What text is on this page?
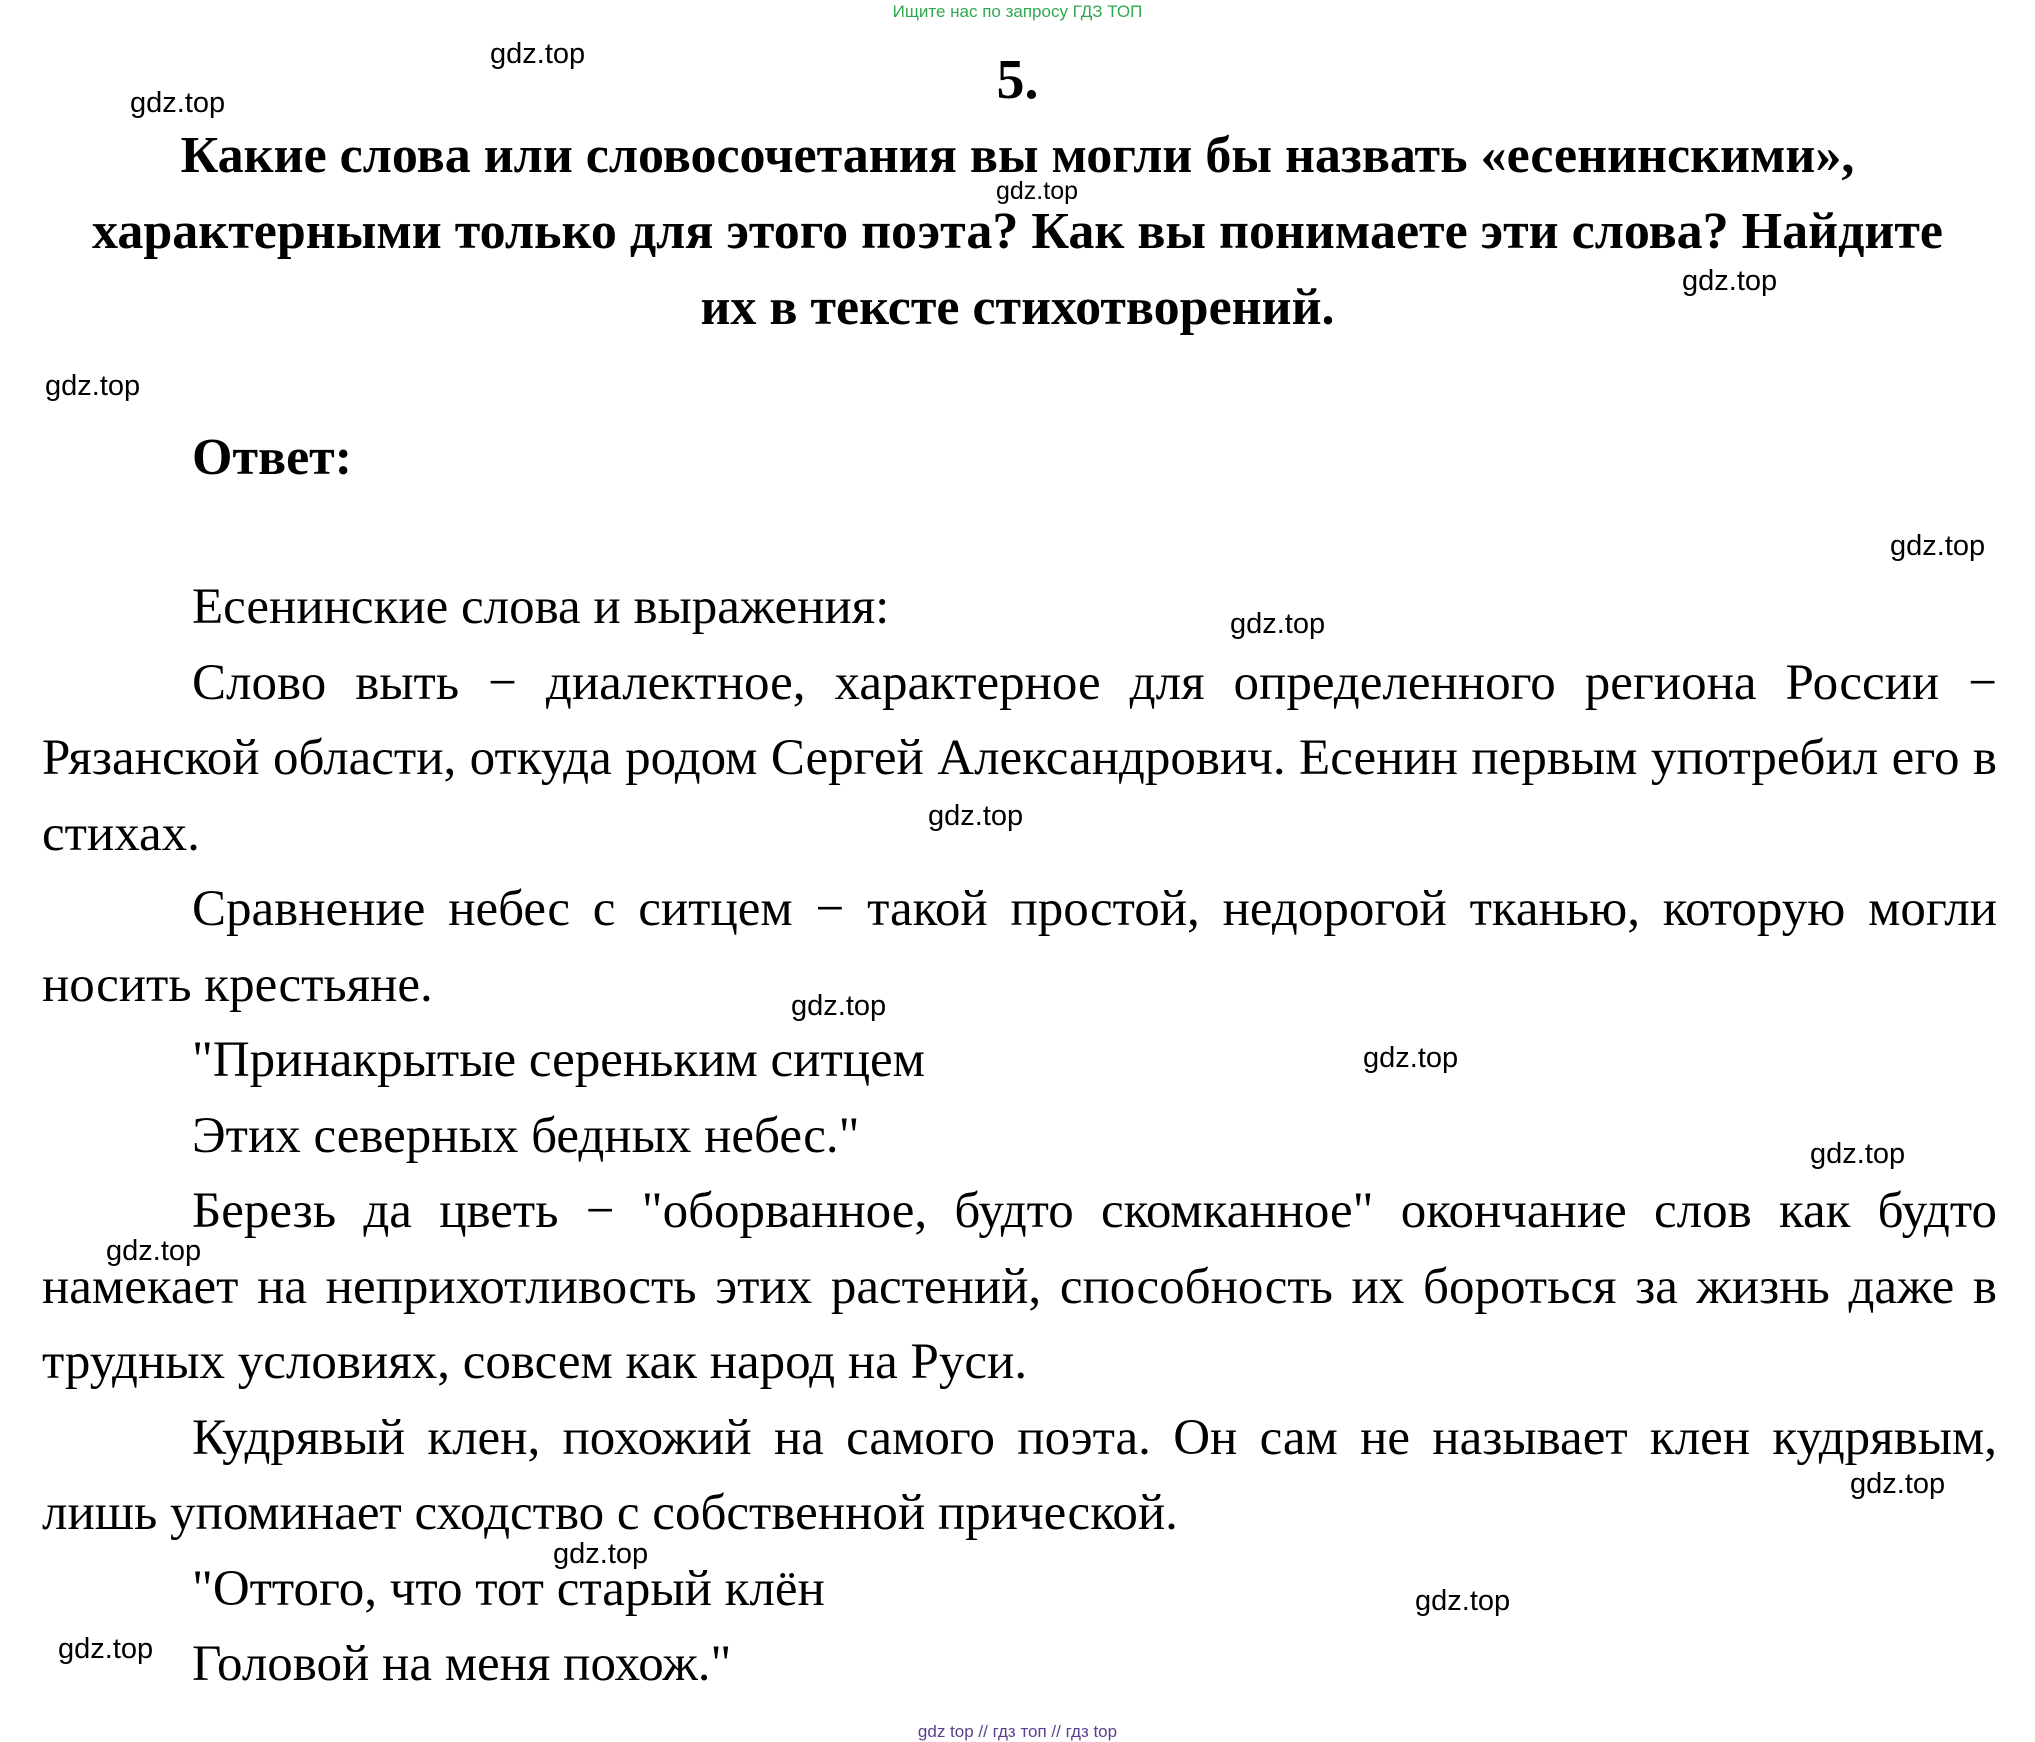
Ищите нас по запросу ГДЗ ТОП
5.
Какие слова или словосочетания вы могли бы назвать «есенинскими», характерными только для этого поэта? Как вы понимаете эти слова? Найдите их в тексте стихотворений.
Ответ:

Есенинские слова и выражения:

Слово выть − диалектное, характерное для определенного региона России − Рязанской области, откуда родом Сергей Александрович. Есенин первым употребил его в стихах.

Сравнение небес с ситцем − такой простой, недорогой тканью, которую могли носить крестьяне.

"Принакрытые сереньким ситцем

Этих северных бедных небес."

Березь да цветь − "оборванное, будто скомканное" окончание слов как будто намекает на неприхотливость этих растений, способность их бороться за жизнь даже в трудных условиях, совсем как народ на Руси.

Кудрявый клен, похожий на самого поэта. Он сам не называет клен кудрявым, лишь упоминает сходство с собственной прической.

"Оттого, что тот старый клён

Головой на меня похож."

gdz.top
gdz.top
gdz.top
gdz.top
gdz.top
gdz.top
gdz.top
gdz.top
gdz.top
gdz.top
gdz.top
gdz.top
gdz.top
gdz.top
gdz.top
gdz.top
gdz top // гдз топ // гдз top
